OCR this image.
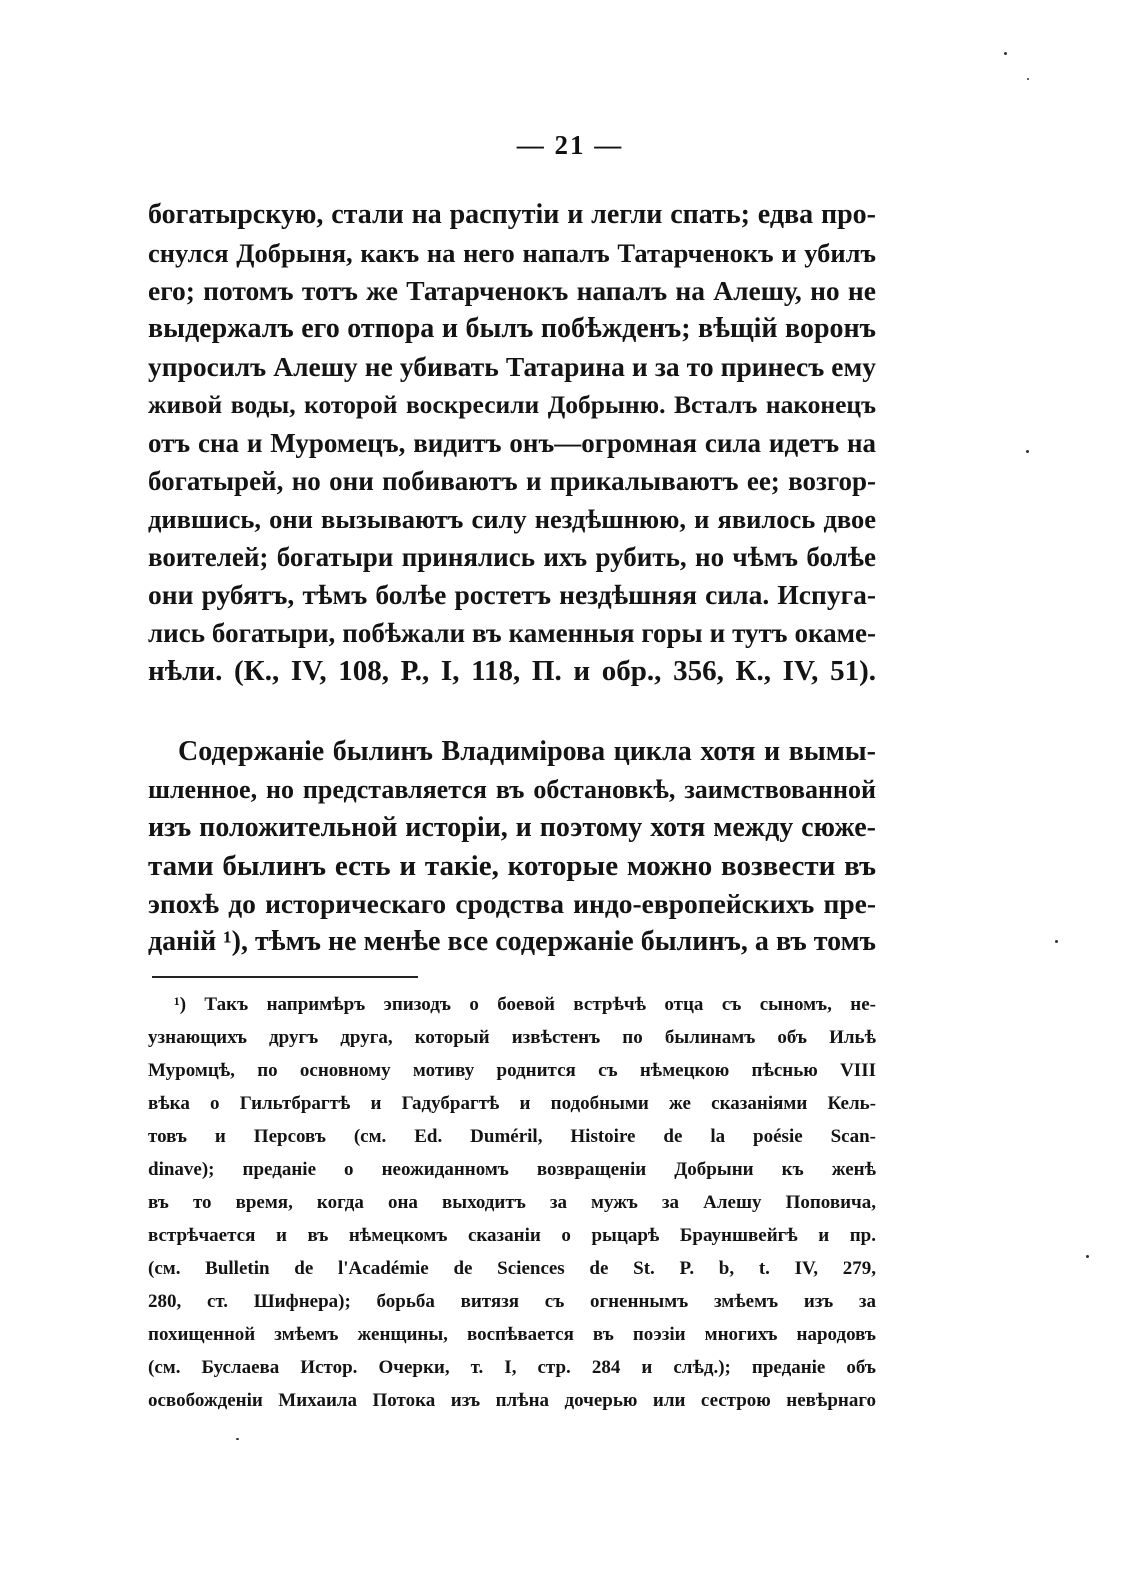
— 21 —
богатырскую, стали на распутіи и легли спать; едва про-
снулся Добрыня, какъ на него напалъ Татарченокъ и убилъ
его; потомъ тотъ же Татарченокъ напалъ на Алешу, но не
выдержалъ его отпора и былъ побѣжденъ; вѣщій воронъ
упросилъ Алешу не убивать Татарина и за то принесъ ему
живой воды, которой воскресили Добрыню. Всталъ наконецъ
отъ сна и Муромецъ, видитъ онъ—огромная сила идетъ на
богатырей, но они побиваютъ и прикалываютъ ее; возгор-
дившись, они вызываютъ силу нездѣшнюю, и явилось двое
воителей; богатыри принялись ихъ рубить, но чѣмъ болѣе
они рубятъ, тѣмъ болѣе ростетъ нездѣшняя сила. Испуга-
лись богатыри, побѣжали въ каменныя горы и тутъ окаме-
нѣли. (К., IV, 108, Р., I, 118, П. и обр., 356, К., IV, 51).
Содержаніе былинъ Владимірова цикла хотя и вымы-
шленное, но представляется въ обстановкѣ, заимствованной
изъ положительной исторіи, и поэтому хотя между сюже-
тами былинъ есть и такіе, которые можно возвести въ
эпохѣ до историческаго сродства индо-европейскихъ пре-
даній ¹), тѣмъ не менѣе все содержаніе былинъ, а въ томъ
¹) Такъ напримѣръ эпизодъ о боевой встрѣчѣ отца съ сыномъ, не-
узнающихъ другъ друга, который извѣстенъ по былинамъ объ Ильѣ
Муромцѣ, по основному мотиву роднится съ нѣмецкою пѣснью VIII
вѣка о Гильтбрагтѣ и Гадубрагтѣ и подобными же сказаніями Кель-
товъ и Персовъ (см. Ed. Duméril, Histoire de la poésie Scan-
dinave); преданіе о неожиданномъ возвращеніи Добрыни къ женѣ
въ то время, когда она выходитъ за мужъ за Алешу Поповича,
встрѣчается и въ нѣмецкомъ сказаніи о рыцарѣ Брауншвейгѣ и пр.
(см. Bulletin de l'Académie de Sciences de St. P. b, t. IV, 279,
280, ст. Шифнера); борьба витязя съ огненнымъ змѣемъ изъ за
похищенной змѣемъ женщины, воспѣвается въ поэзіи многихъ народовъ
(см. Буслаева Истор. Очерки, т. I, стр. 284 и слѣд.); преданіе объ
освобожденіи Михаила Потока изъ плѣна дочерью или сестрою невѣрнаго
